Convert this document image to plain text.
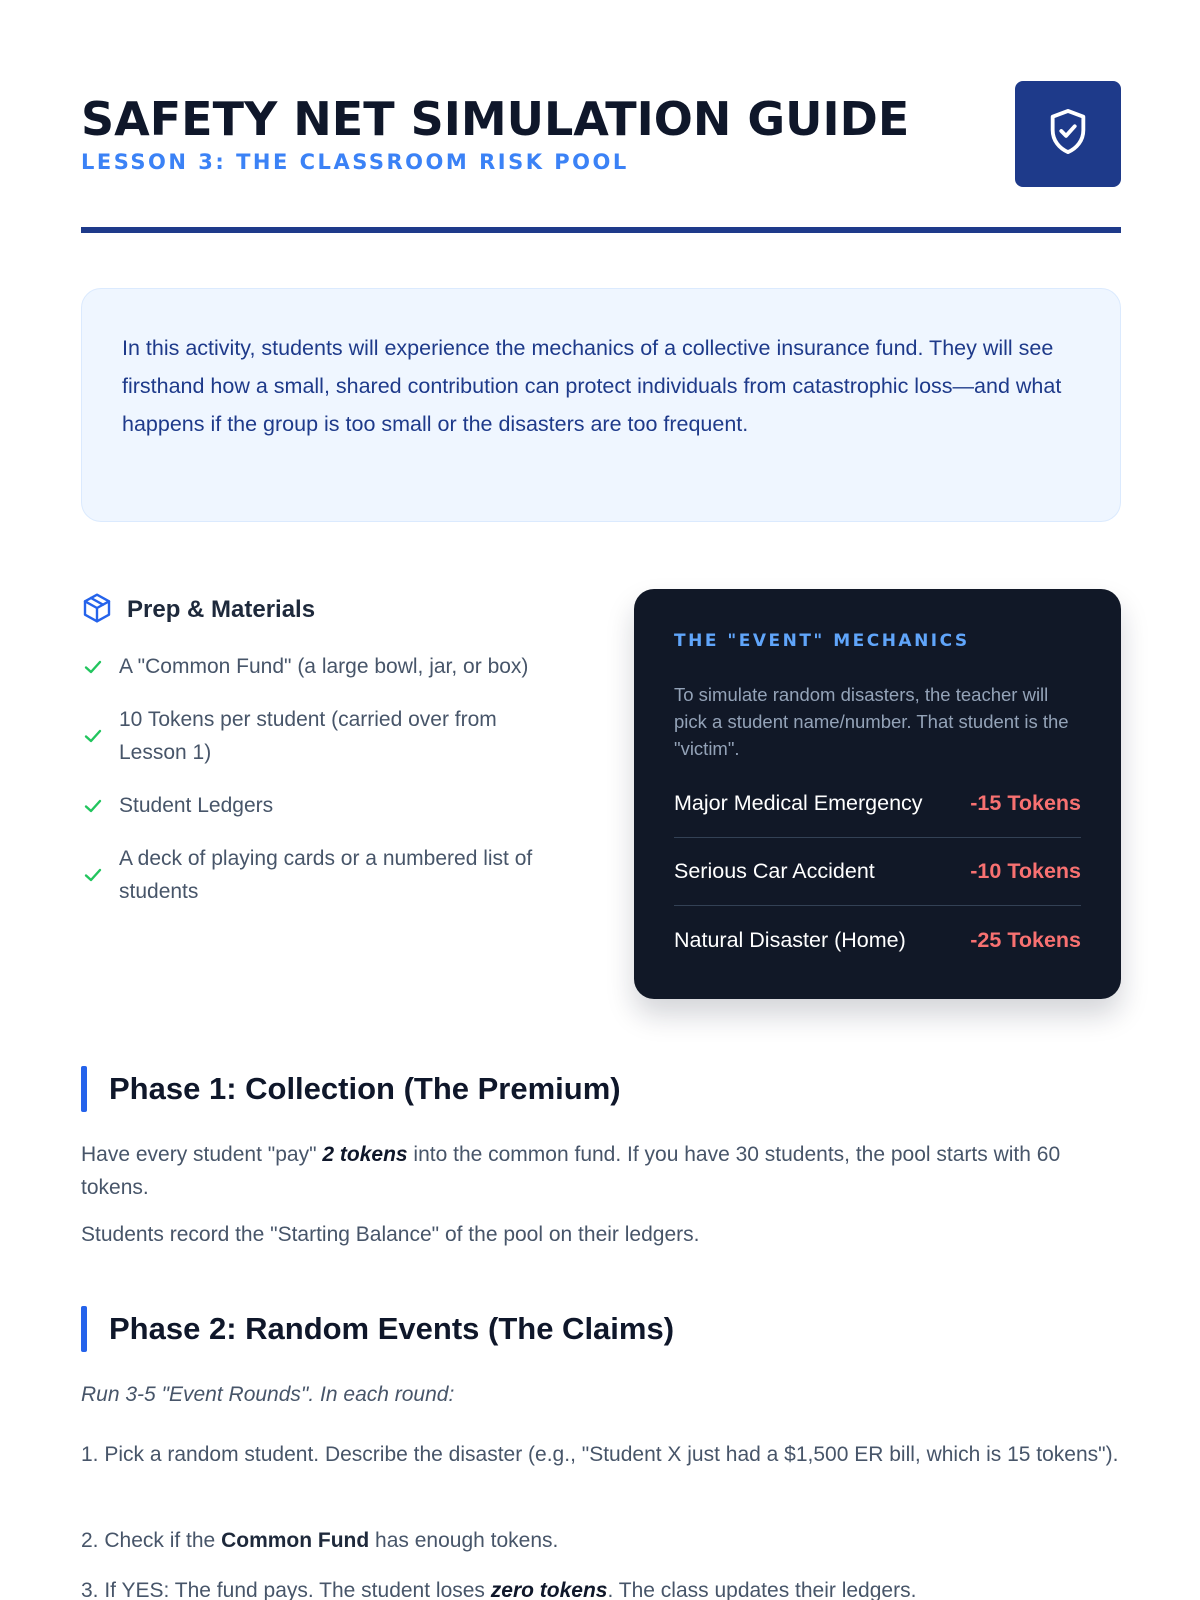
SAFETY NET SIMULATION GUIDE
LESSON 3: THE CLASSROOM RISK POOL

In this activity, students will experience the mechanics of a collective insurance fund. They will see firsthand how a small, shared contribution can protect individuals from catastrophic loss—and what happens if the group is too small or the disasters are too frequent.

Prep & Materials
A "Common Fund" (a large bowl, jar, or box)
10 Tokens per student (carried over from Lesson 1)
Student Ledgers
A deck of playing cards or a numbered list of students
THE "EVENT" MECHANICS
To simulate random disasters, the teacher will pick a student name/number. That student is the "victim".
Major Medical Emergency -15 Tokens
Serious Car Accident	-10 Tokens
Natural Disaster (Home)	-25 Tokens
Phase 1: Collection (The Premium)

Have every student "pay" 2 tokens into the common fund. If you have 30 students, the pool starts with 60 tokens.

Students record the "Starting Balance" of the pool on their ledgers.

Phase 2: Random Events (The Claims)

Run 3-5 "Event Rounds". In each round:

1. Pick a random student. Describe the disaster (e.g., "Student X just had a $1,500 ER bill, which is 15 tokens").

2. Check if the Common Fund has enough tokens.

3. If YES: The fund pays. The student loses zero tokens. The class updates their ledgers.
